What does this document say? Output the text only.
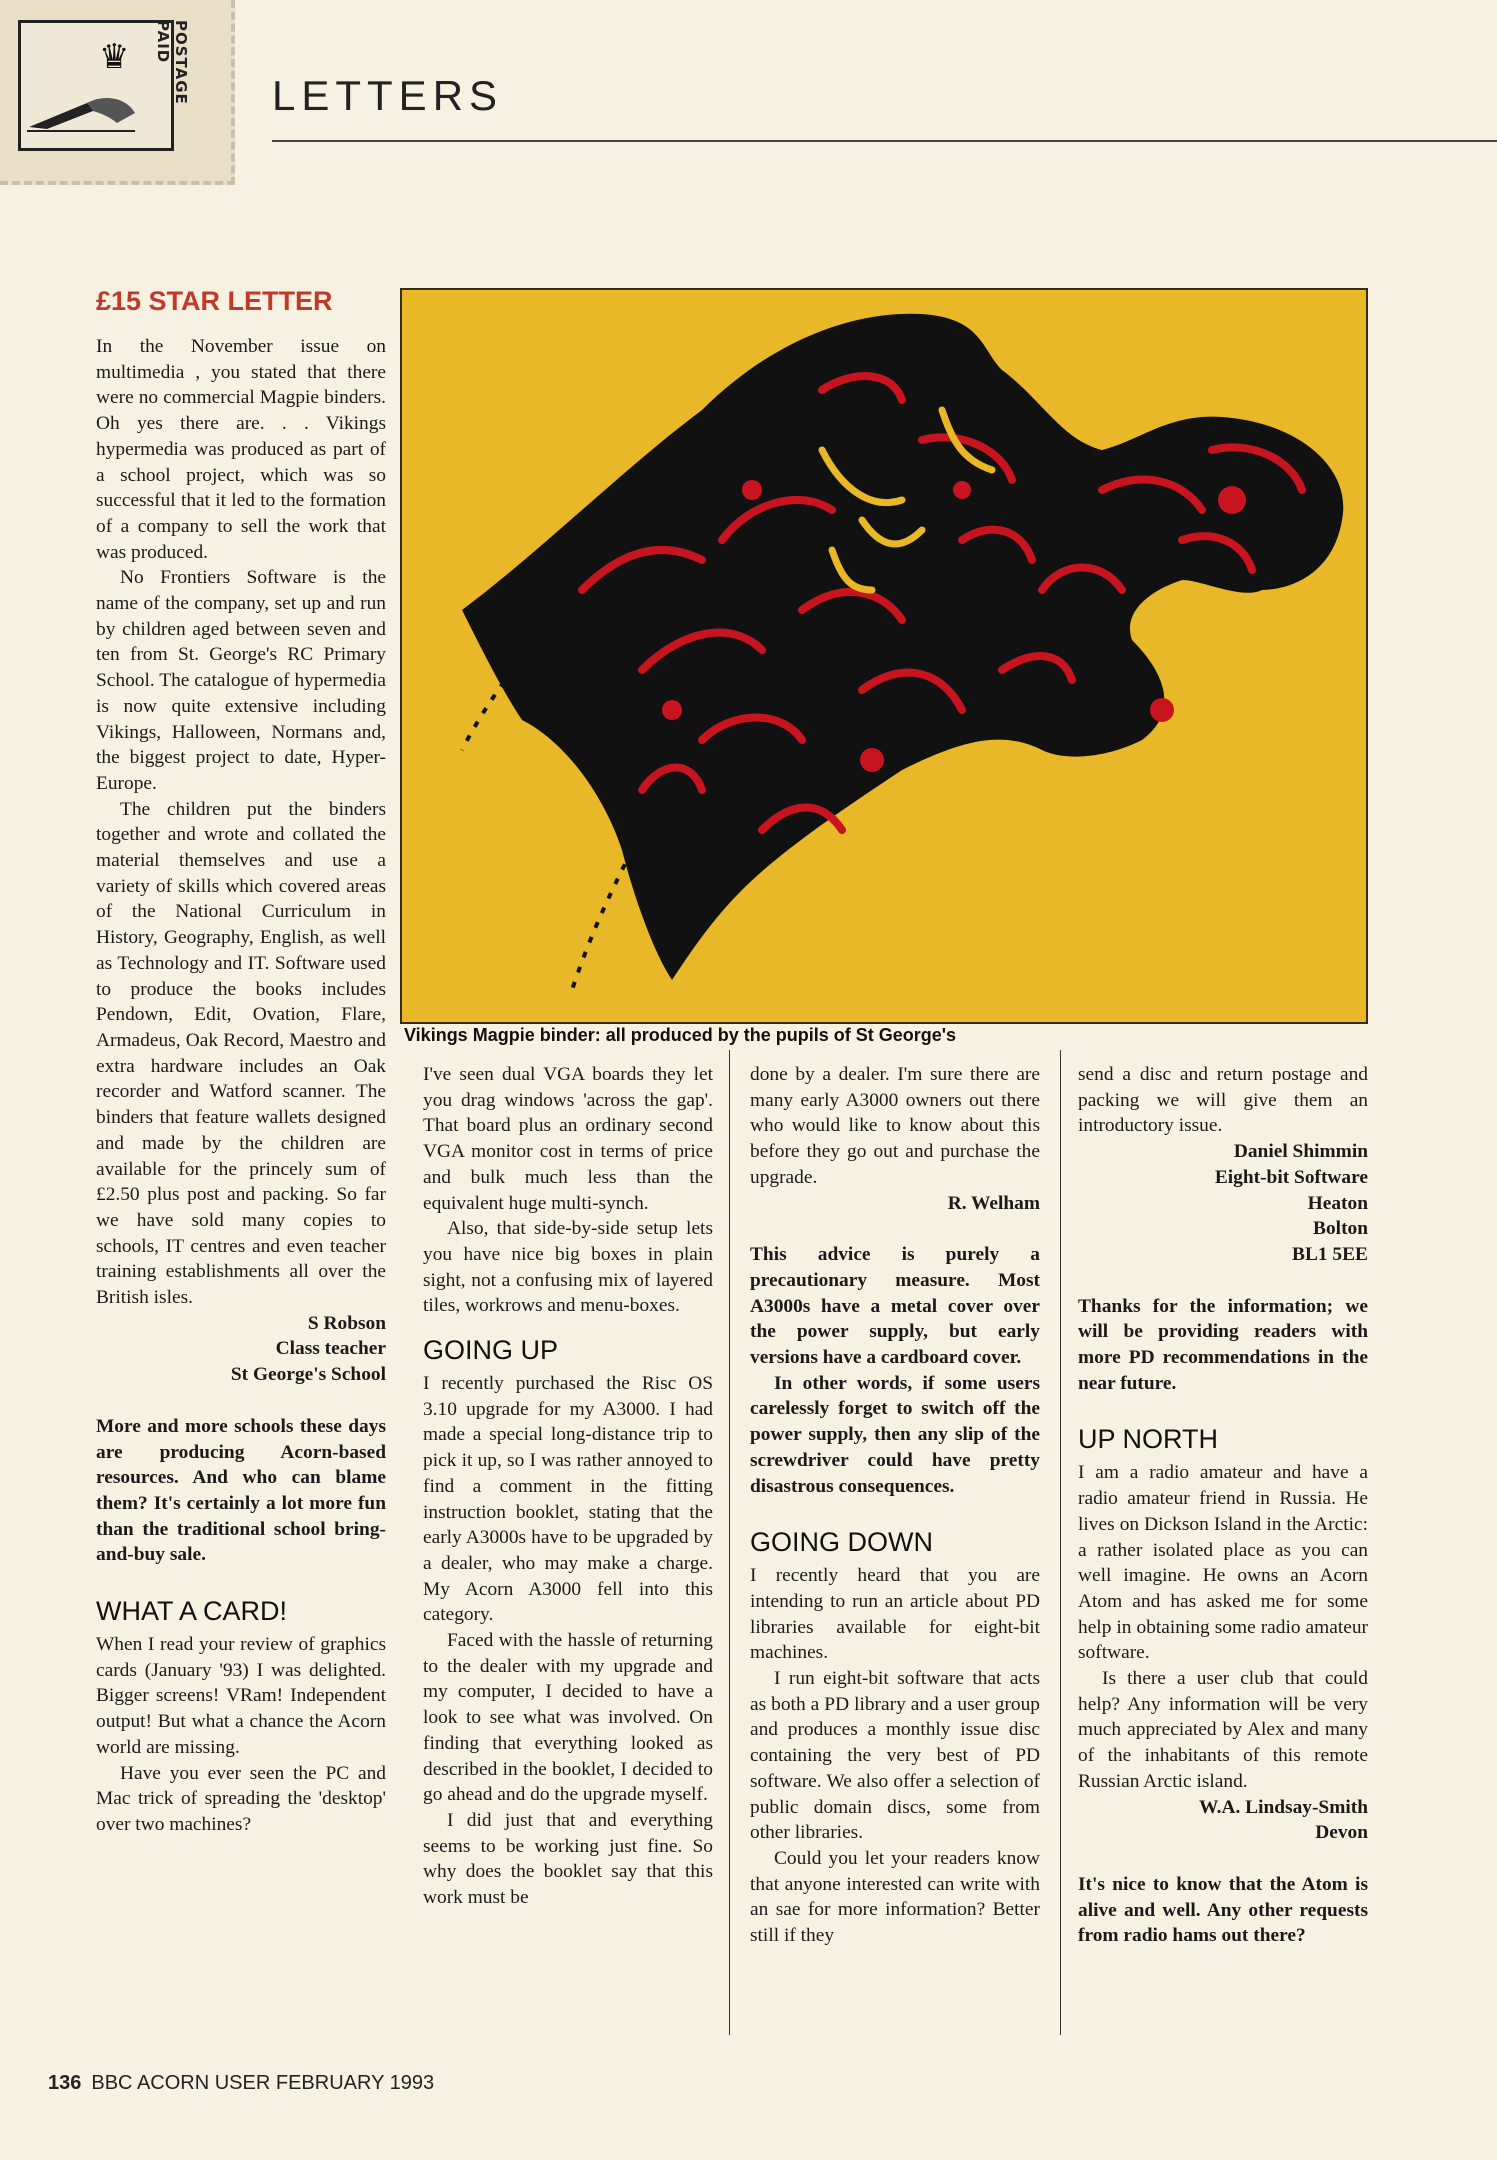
♛	POSTAGE PAID
LETTERS
Vikings Magpie binder: all produced by the pupils of St George's
£15 STAR LETTER

In the November issue on multimedia , you stated that there were no commercial Magpie binders. Oh yes there are. . . Vikings hypermedia was produced as part of a school project, which was so successful that it led to the formation of a company to sell the work that was produced.

No Frontiers Software is the name of the company, set up and run by children aged between seven and ten from St. George's RC Primary School. The catalogue of hypermedia is now quite extensive including Vikings, Halloween, Normans and, the biggest project to date, Hyper-Europe.

The children put the binders together and wrote and collated the material themselves and use a variety of skills which covered areas of the National Curriculum in History, Geography, English, as well as Technology and IT. Software used to produce the books includes Pendown, Edit, Ovation, Flare, Armadeus, Oak Record, Maestro and extra hardware includes an Oak recorder and Watford scanner. The binders that feature wallets designed and made by the children are available for the princely sum of £2.50 plus post and packing. So far we have sold many copies to schools, IT centres and even teacher training establishments all over the British isles.

S Robson
Class teacher
St George's School

More and more schools these days are producing Acorn-based resources. And who can blame them? It's certainly a lot more fun than the traditional school bring-and-buy sale.

WHAT A CARD!

When I read your review of graphics cards (January '93) I was delighted. Bigger screens! VRam! Independent output! But what a chance the Acorn world are missing.

Have you ever seen the PC and Mac trick of spreading the 'desktop' over two machines?

I've seen dual VGA boards they let you drag windows 'across the gap'. That board plus an ordinary second VGA monitor cost in terms of price and bulk much less than the equivalent huge multi-synch.

Also, that side-by-side setup lets you have nice big boxes in plain sight, not a confusing mix of layered tiles, workrows and menu-boxes.

GOING UP

I recently purchased the Risc OS 3.10 upgrade for my A3000. I had made a special long-distance trip to pick it up, so I was rather annoyed to find a comment in the fitting instruction booklet, stating that the early A3000s have to be upgraded by a dealer, who may make a charge. My Acorn A3000 fell into this category.

Faced with the hassle of returning to the dealer with my upgrade and my computer, I decided to have a look to see what was involved. On finding that everything looked as described in the booklet, I decided to go ahead and do the upgrade myself.

I did just that and everything seems to be working just fine. So why does the booklet say that this work must be

done by a dealer. I'm sure there are many early A3000 owners out there who would like to know about this before they go out and purchase the upgrade.

R. Welham

This advice is purely a precautionary measure. Most A3000s have a metal cover over the power supply, but early versions have a cardboard cover.

In other words, if some users carelessly forget to switch off the power supply, then any slip of the screwdriver could have pretty disastrous consequences.

GOING DOWN

I recently heard that you are intending to run an article about PD libraries available for eight-bit machines.

I run eight-bit software that acts as both a PD library and a user group and produces a monthly issue disc containing the very best of PD software. We also offer a selection of public domain discs, some from other libraries.

Could you let your readers know that anyone interested can write with an sae for more information? Better still if they

send a disc and return postage and packing we will give them an introductory issue.

Daniel Shimmin
Eight-bit Software
Heaton
Bolton
BL1 5EE

Thanks for the information; we will be providing readers with more PD recommendations in the near future.

UP NORTH

I am a radio amateur and have a radio amateur friend in Russia. He lives on Dickson Island in the Arctic: a rather isolated place as you can well imagine. He owns an Acorn Atom and has asked me for some help in obtaining some radio amateur software.

Is there a user club that could help? Any information will be very much appreciated by Alex and many of the inhabitants of this remote Russian Arctic island.

W.A. Lindsay-Smith
Devon

It's nice to know that the Atom is alive and well. Any other requests from radio hams out there?

136 BBC ACORN USER FEBRUARY 1993
